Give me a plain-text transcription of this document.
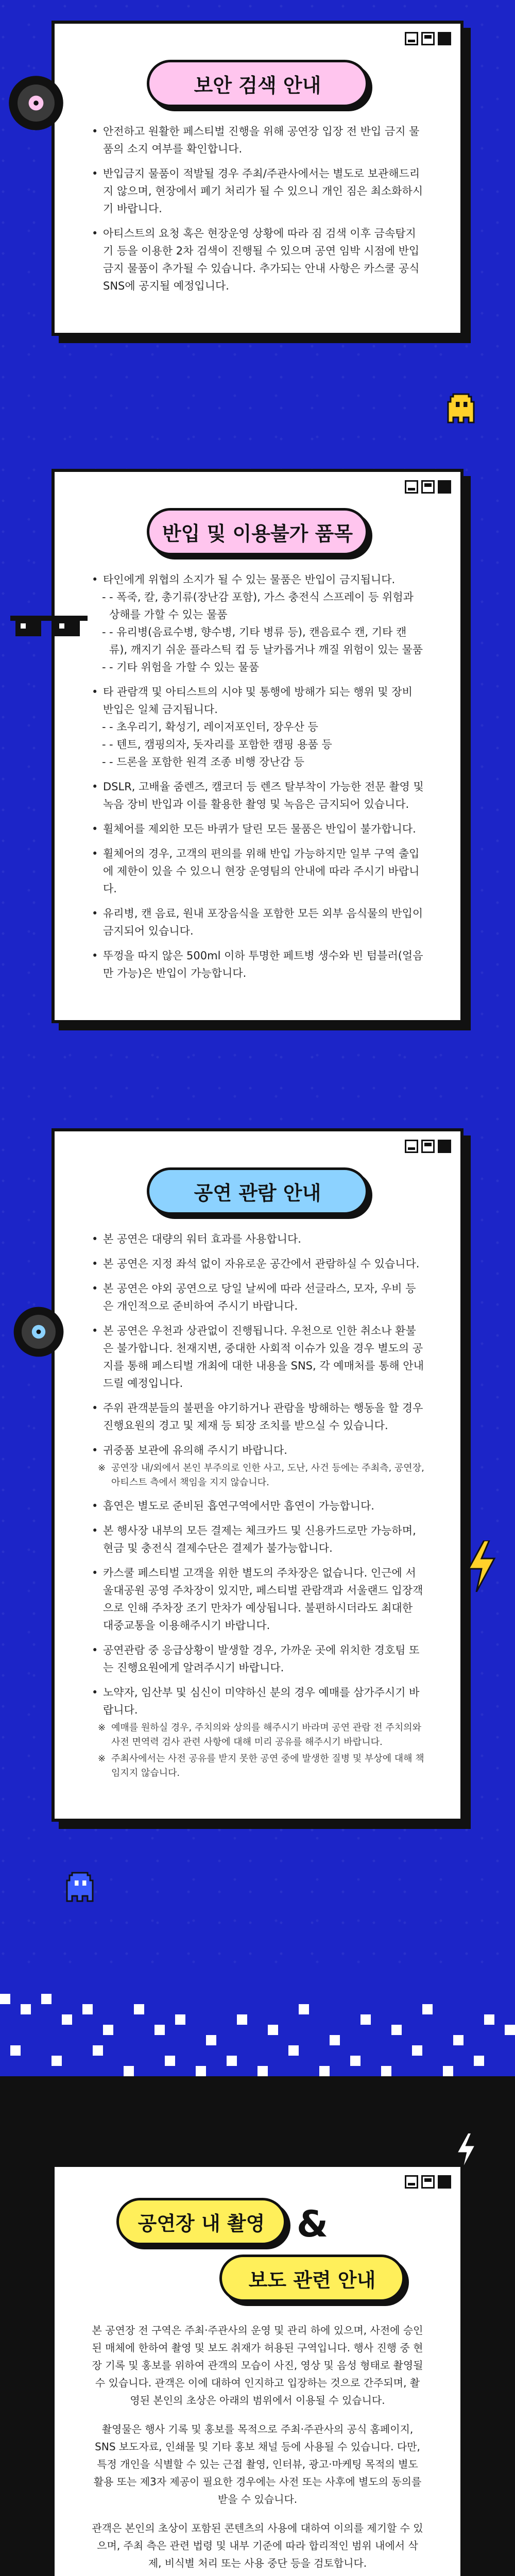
보안 검색 안내
• 안전하고 원활한 페스티벌 진행을 위해 공연장 입장 전 반입 금지 물품의 소지 여부를 확인합니다.
• 반입금지 물품이 적발될 경우 주최/주관사에서는 별도로 보관해드리지 않으며, 현장에서 폐기 처리가 될 수 있으니 개인 짐은 최소화하시기 바랍니다.
• 아티스트의 요청 혹은 현장운영 상황에 따라 짐 검색 이후 금속탐지기 등을 이용한 2차 검색이 진행될 수 있으며 공연 임박 시점에 반입 금지 물품이 추가될 수 있습니다. 추가되는 안내 사항은 카스쿨 공식 SNS에 공지될 예정입니다.
반입 및 이용불가 품목
• 타인에게 위협의 소지가 될 수 있는 물품은 반입이 금지됩니다.
- - 폭죽, 칼, 총기류(장난감 포함), 가스 충전식 스프레이 등 위험과 상해를 가할 수 있는 물품
- - 유리병(음료수병, 향수병, 기타 병류 등), 캔음료수 캔, 기타 캔류), 깨지기 쉬운 플라스틱 컵 등 날카롭거나 깨질 위험이 있는 물품
- - 기타 위험을 가할 수 있는 물품
• 타 관람객 및 아티스트의 시야 및 통행에 방해가 되는 행위 및 장비 반입은 일체 금지됩니다.
- - 초우리기, 확성기, 레이저포인터, 장우산 등
- - 텐트, 캠핑의자, 돗자리를 포함한 캠핑 용품 등
- - 드론을 포함한 원격 조종 비행 장난감 등
• DSLR, 고배율 줌렌즈, 캠코더 등 렌즈 탈부착이 가능한 전문 촬영 및 녹음 장비 반입과 이를 활용한 촬영 및 녹음은 금지되어 있습니다.
• 휠체어를 제외한 모든 바퀴가 달린 모든 물품은 반입이 불가합니다.
• 휠체어의 경우, 고객의 편의를 위해 반입 가능하지만 일부 구역 출입에 제한이 있을 수 있으니 현장 운영팀의 안내에 따라 주시기 바랍니다.
• 유리병, 캔 음료, 원내 포장음식을 포함한 모든 외부 음식물의 반입이 금지되어 있습니다.
• 뚜껑을 따지 않은 500ml 이하 투명한 페트병 생수와 빈 텀블러(얼음만 가능)은 반입이 가능합니다.
공연 관람 안내
• 본 공연은 대량의 워터 효과를 사용합니다.
• 본 공연은 지정 좌석 없이 자유로운 공간에서 관람하실 수 있습니다.
• 본 공연은 야외 공연으로 당일 날씨에 따라 선글라스, 모자, 우비 등은 개인적으로 준비하여 주시기 바랍니다.
• 본 공연은 우천과 상관없이 진행됩니다. 우천으로 인한 취소나 환불은 불가합니다. 천재지변, 중대한 사회적 이슈가 있을 경우 별도의 공지를 통해 페스티벌 개최에 대한 내용을 SNS, 각 예매처를 통해 안내드릴 예정입니다.
• 주위 관객분들의 불편을 야기하거나 관람을 방해하는 행동을 할 경우 진행요원의 경고 및 제재 등 퇴장 조치를 받으실 수 있습니다.
• 귀중품 보관에 유의해 주시기 바랍니다.
※ 공연장 내/외에서 본인 부주의로 인한 사고, 도난, 사건 등에는 주최측, 공연장, 아티스트 측에서 책임을 지지 않습니다.
• 흡연은 별도로 준비된 흡연구역에서만 흡연이 가능합니다.
• 본 행사장 내부의 모든 결제는 체크카드 및 신용카드로만 가능하며, 현금 및 충전식 결제수단은 결제가 불가능합니다.
• 카스쿨 페스티벌 고객을 위한 별도의 주차장은 없습니다. 인근에 서울대공원 공영 주차장이 있지만, 페스티벌 관람객과 서울랜드 입장객으로 인해 주차장 조기 만차가 예상됩니다. 불편하시더라도 최대한 대중교통을 이용해주시기 바랍니다.
• 공연관람 중 응급상황이 발생할 경우, 가까운 곳에 위치한 경호팀 또는 진행요원에게 알려주시기 바랍니다.
• 노약자, 임산부 및 심신이 미약하신 분의 경우 예매를 삼가주시기 바랍니다.
※ 예매를 원하실 경우, 주치의와 상의를 해주시기 바라며 공연 관람 전 주치의와 사전 면역력 검사 관련 사항에 대해 미리 공유를 해주시기 바랍니다.
※ 주최사에서는 사전 공유를 받지 못한 공연 중에 발생한 질병 및 부상에 대해 책임지지 않습니다.
공연장 내 촬영 &
보도 관련 안내

본 공연장 전 구역은 주최·주관사의 운영 및 관리 하에 있으며, 사전에 승인된 매체에 한하여 촬영 및 보도 취재가 허용된 구역입니다. 행사 진행 중 현장 기록 및 홍보를 위하여 관객의 모습이 사진, 영상 및 음성 형태로 촬영될 수 있습니다. 관객은 이에 대하여 인지하고 입장하는 것으로 간주되며, 촬영된 본인의 초상은 아래의 범위에서 이용될 수 있습니다.

촬영물은 행사 기록 및 홍보를 목적으로 주최·주관사의 공식 홈페이지, SNS 보도자료, 인쇄물 및 기타 홍보 채널 등에 사용될 수 있습니다. 다만, 특정 개인을 식별할 수 있는 근접 촬영, 인터뷰, 광고·마케팅 목적의 별도 활용 또는 제3자 제공이 필요한 경우에는 사전 또는 사후에 별도의 동의를 받을 수 있습니다.

관객은 본인의 초상이 포함된 콘텐츠의 사용에 대하여 이의를 제기할 수 있으며, 주최 측은 관련 법령 및 내부 기준에 따라 합리적인 범위 내에서 삭제, 비식별 처리 또는 사용 중단 등을 검토합니다.
